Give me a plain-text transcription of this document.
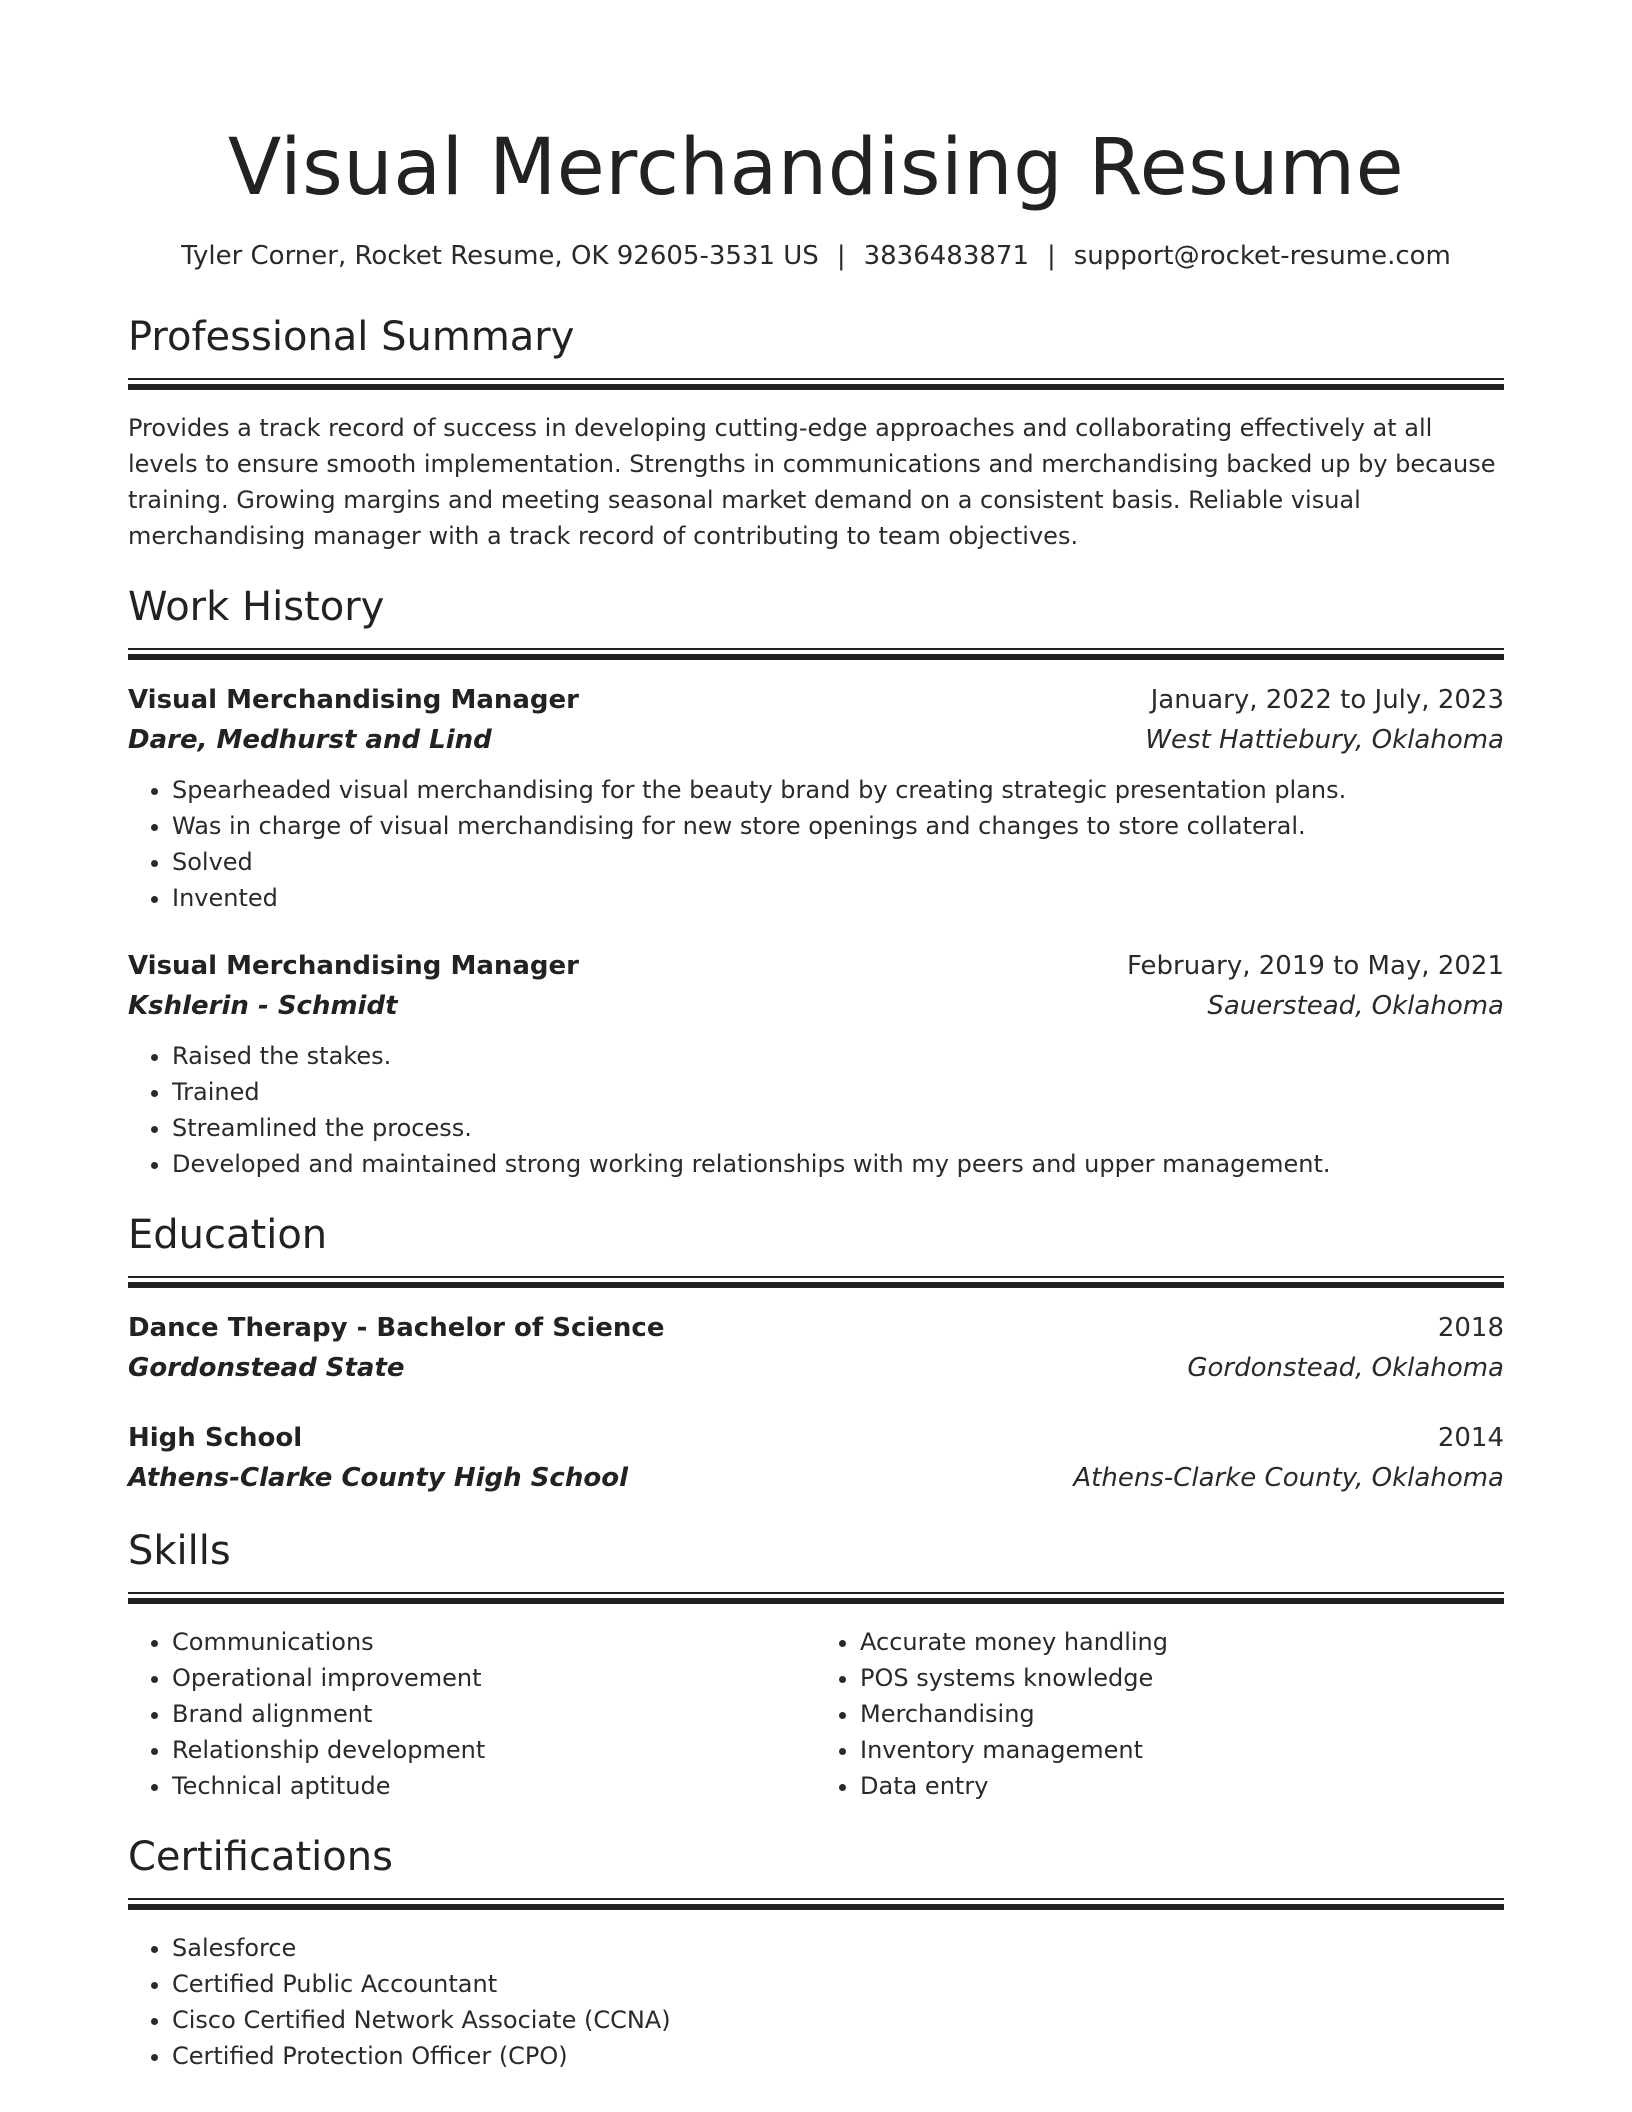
Visual Merchandising Resume
Tyler Corner, Rocket Resume, OK 92605-3531 US | 3836483871 | support@rocket-resume.com
Professional Summary

Provides a track record of success in developing cutting-edge approaches and collaborating effectively at all levels to ensure smooth implementation. Strengths in communications and merchandising backed up by because training. Growing margins and meeting seasonal market demand on a consistent basis. Reliable visual merchandising manager with a track record of contributing to team objectives.

Work History
Visual Merchandising Manager	January, 2022 to July, 2023
Dare, Medhurst and Lind	West Hattiebury, Oklahoma
• Spearheaded visual merchandising for the beauty brand by creating strategic presentation plans.
• Was in charge of visual merchandising for new store openings and changes to store collateral.
• Solved
• Invented
Visual Merchandising Manager	February, 2019 to May, 2021
Kshlerin - Schmidt	Sauerstead, Oklahoma
• Raised the stakes.
• Trained
• Streamlined the process.
• Developed and maintained strong working relationships with my peers and upper management.
Education
Dance Therapy - Bachelor of Science	2018
Gordonstead State	Gordonstead, Oklahoma
High School	2014
Athens-Clarke County High School	Athens-Clarke County, Oklahoma
Skills
• Communications
• Operational improvement
• Brand alignment
• Relationship development
• Technical aptitude
• Accurate money handling
• POS systems knowledge
• Merchandising
• Inventory management
• Data entry
Certifications
• Salesforce
• Certified Public Accountant
• Cisco Certified Network Associate (CCNA)
• Certified Protection Officer (CPO)
